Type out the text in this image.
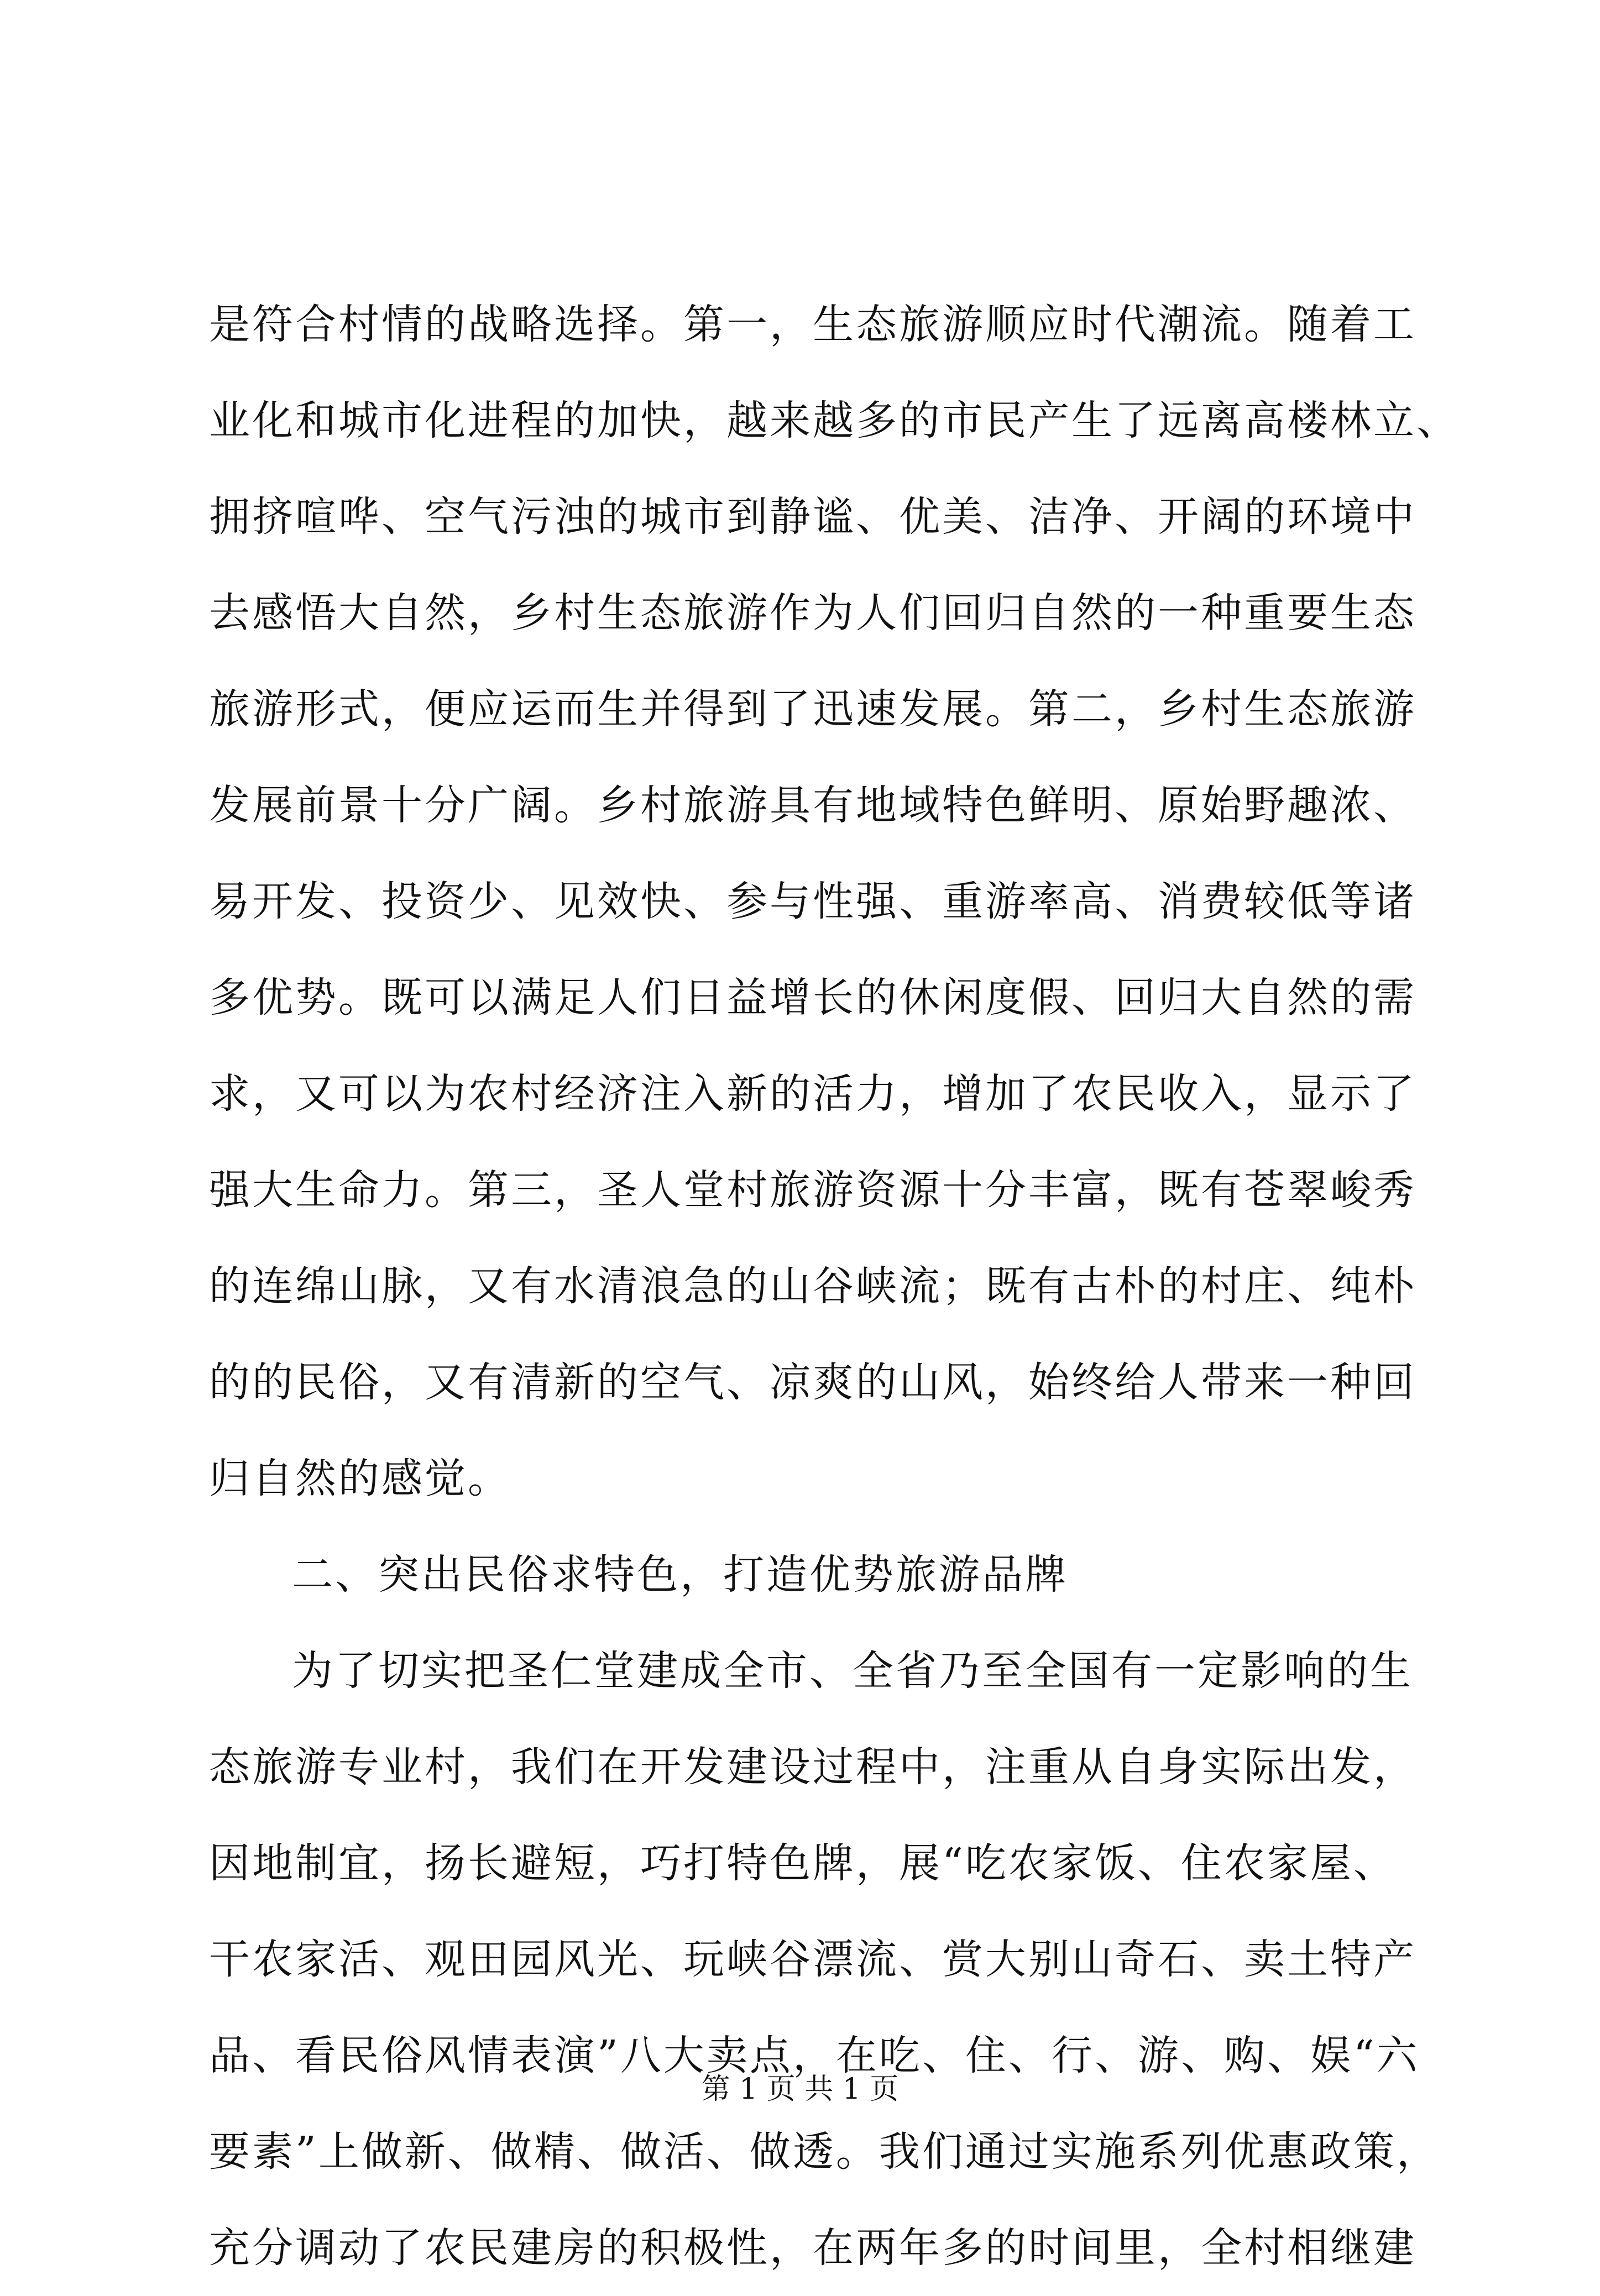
是符合村情的战略选择。第一，生态旅游顺应时代潮流。随着工
业化和城市化进程的加快，越来越多的市民产生了远离高楼林立、
拥挤喧哗、空气污浊的城市到静谧、优美、洁净、开阔的环境中
去感悟大自然，乡村生态旅游作为人们回归自然的一种重要生态
旅游形式，便应运而生并得到了迅速发展。第二，乡村生态旅游
发展前景十分广阔。乡村旅游具有地域特色鲜明、原始野趣浓、
易开发、投资少、见效快、参与性强、重游率高、消费较低等诸
多优势。既可以满足人们日益增长的休闲度假、回归大自然的需
求，又可以为农村经济注入新的活力，增加了农民收入，显示了
强大生命力。第三，圣人堂村旅游资源十分丰富，既有苍翠峻秀
的连绵山脉，又有水清浪急的山谷峡流；既有古朴的村庄、纯朴
的的民俗，又有清新的空气、凉爽的山风，始终给人带来一种回
归自然的感觉。
二、突出民俗求特色，打造优势旅游品牌
为了切实把圣仁堂建成全市、全省乃至全国有一定影响的生
态旅游专业村，我们在开发建设过程中，注重从自身实际出发，
因地制宜，扬长避短，巧打特色牌，展“吃农家饭、住农家屋、
干农家活、观田园风光、玩峡谷漂流、赏大别山奇石、卖土特产
品、看民俗风情表演”八大卖点，在吃、住、行、游、购、娱“六
要素”上做新、做精、做活、做透。我们通过实施系列优惠政策，
充分调动了农民建房的积极性，在两年多的时间里，全村相继建
第 1 页 共 1 页
